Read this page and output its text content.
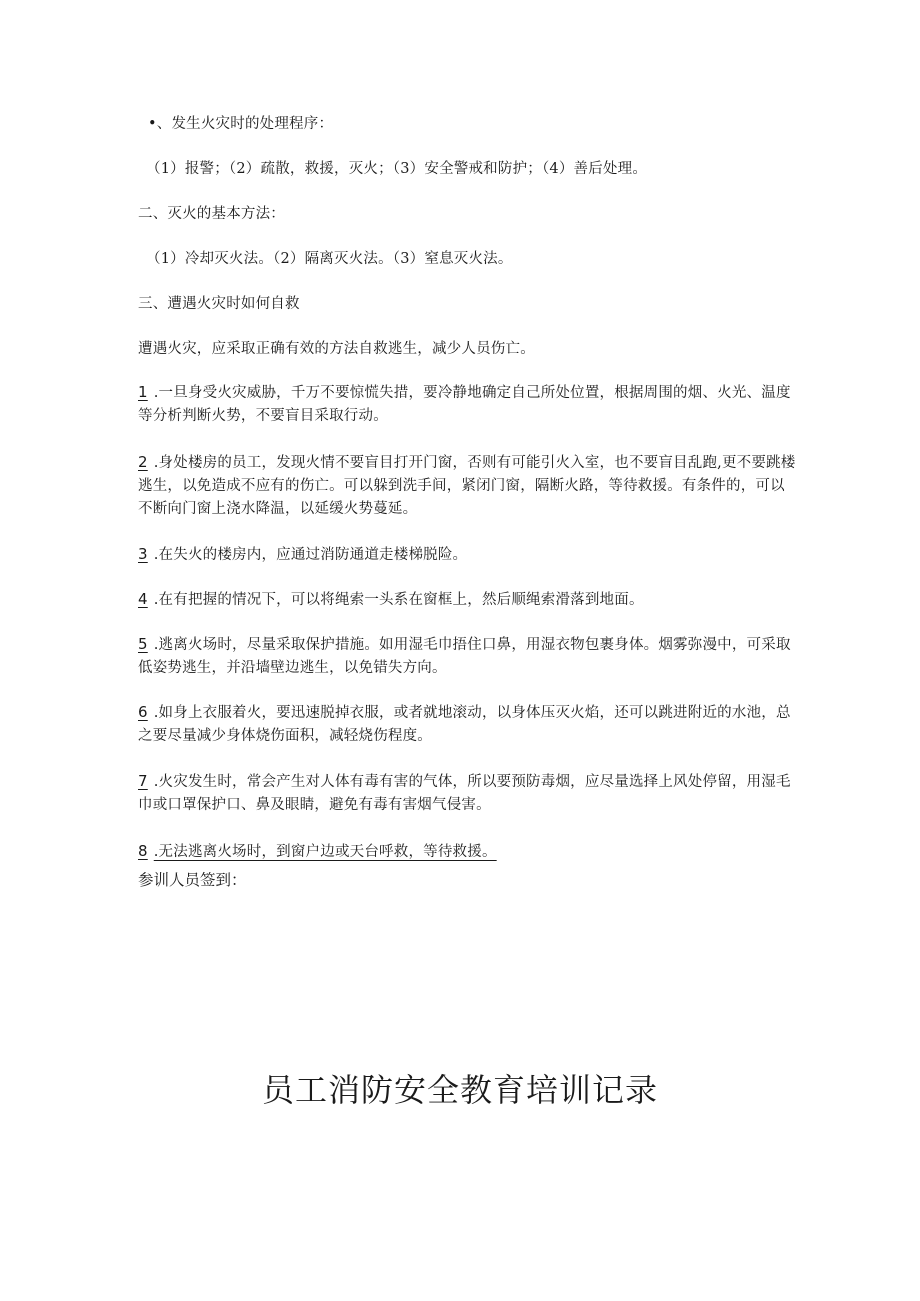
•、发生火灾时的处理程序：
（1）报警；（2）疏散，救援，灭火；（3）安全警戒和防护；（4）善后处理。
二、灭火的基本方法：
（1）冷却灭火法。（2）隔离灭火法。（3）窒息灭火法。
三、遭遇火灾时如何自救
遭遇火灾，应采取正确有效的方法自救逃生，减少人员伤亡。
1 .一旦身受火灾威胁，千万不要惊慌失措，要冷静地确定自己所处位置，根据周围的烟、火光、温度等分析判断火势，不要盲目采取行动。
2 .身处楼房的员工，发现火情不要盲目打开门窗，否则有可能引火入室，也不要盲目乱跑,更不要跳楼逃生，以免造成不应有的伤亡。可以躲到洗手间，紧闭门窗，隔断火路，等待救援。有条件的，可以不断向门窗上浇水降温，以延缓火势蔓延。
3 .在失火的楼房内，应通过消防通道走楼梯脱险。
4 .在有把握的情况下，可以将绳索一头系在窗框上，然后顺绳索滑落到地面。
5 .逃离火场时，尽量采取保护措施。如用湿毛巾捂住口鼻，用湿衣物包裹身体。烟雾弥漫中，可采取低姿势逃生，并沿墙壁边逃生，以免错失方向。
6 .如身上衣服着火，要迅速脱掉衣服，或者就地滚动，以身体压灭火焰，还可以跳进附近的水池，总之要尽量减少身体烧伤面积，减轻烧伤程度。
7 .火灾发生时，常会产生对人体有毒有害的气体，所以要预防毒烟，应尽量选择上风处停留，用湿毛巾或口罩保护口、鼻及眼睛，避免有毒有害烟气侵害。
8 .无法逃离火场时，到窗户边或天台呼救，等待救援。
参训人员签到：
员工消防安全教育培训记录
